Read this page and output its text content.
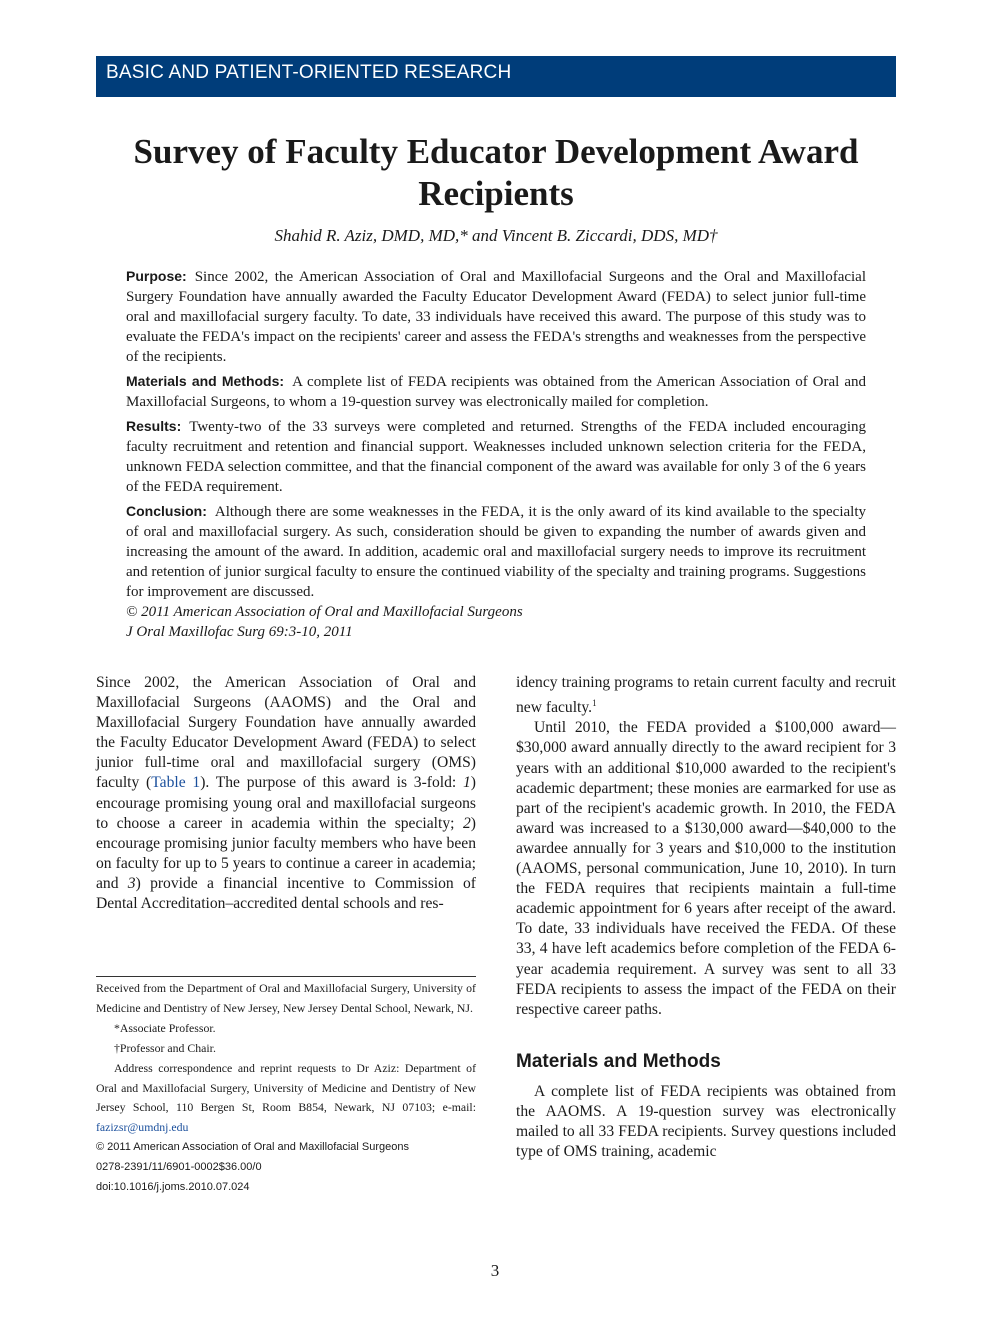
BASIC AND PATIENT-ORIENTED RESEARCH
Survey of Faculty Educator Development Award Recipients
Shahid R. Aziz, DMD, MD,* and Vincent B. Ziccardi, DDS, MD†

Purpose: Since 2002, the American Association of Oral and Maxillofacial Surgeons and the Oral and Maxillofacial Surgery Foundation have annually awarded the Faculty Educator Development Award (FEDA) to select junior full-time oral and maxillofacial surgery faculty. To date, 33 individuals have received this award. The purpose of this study was to evaluate the FEDA's impact on the recipients' career and assess the FEDA's strengths and weaknesses from the perspective of the recipients.

Materials and Methods: A complete list of FEDA recipients was obtained from the American Association of Oral and Maxillofacial Surgeons, to whom a 19-question survey was electronically mailed for completion.

Results: Twenty-two of the 33 surveys were completed and returned. Strengths of the FEDA included encouraging faculty recruitment and retention and financial support. Weaknesses included unknown selection criteria for the FEDA, unknown FEDA selection committee, and that the financial component of the award was available for only 3 of the 6 years of the FEDA requirement.

Conclusion: Although there are some weaknesses in the FEDA, it is the only award of its kind available to the specialty of oral and maxillofacial surgery. As such, consideration should be given to expanding the number of awards given and increasing the amount of the award. In addition, academic oral and maxillofacial surgery needs to improve its recruitment and retention of junior surgical faculty to ensure the continued viability of the specialty and training programs. Suggestions for improvement are discussed.

© 2011 American Association of Oral and Maxillofacial Surgeons

J Oral Maxillofac Surg 69:3-10, 2011

Since 2002, the American Association of Oral and Maxillofacial Surgeons (AAOMS) and the Oral and Maxillofacial Surgery Foundation have annually awarded the Faculty Educator Development Award (FEDA) to select junior full-time oral and maxillofacial surgery (OMS) faculty (Table 1). The purpose of this award is 3-fold: 1) encourage promising young oral and maxillofacial surgeons to choose a career in academia within the specialty; 2) encourage promising junior faculty members who have been on faculty for up to 5 years to continue a career in academia; and 3) provide a financial incentive to Commission of Dental Accreditation–accredited dental schools and res-

Received from the Department of Oral and Maxillofacial Surgery, University of Medicine and Dentistry of New Jersey, New Jersey Dental School, Newark, NJ.

*Associate Professor.

†Professor and Chair.

Address correspondence and reprint requests to Dr Aziz: Department of Oral and Maxillofacial Surgery, University of Medicine and Dentistry of New Jersey School, 110 Bergen St, Room B854, Newark, NJ 07103; e-mail: fazizsr@umdnj.edu

© 2011 American Association of Oral and Maxillofacial Surgeons

0278-2391/11/6901-0002$36.00/0

doi:10.1016/j.joms.2010.07.024

idency training programs to retain current faculty and recruit new faculty.$^1$

Until 2010, the FEDA provided a $100,000 award—$30,000 award annually directly to the award recipient for 3 years with an additional $10,000 awarded to the recipient's academic department; these monies are earmarked for use as part of the recipient's academic growth. In 2010, the FEDA award was increased to a $130,000 award—$40,000 to the awardee annually for 3 years and $10,000 to the institution (AAOMS, personal communication, June 10, 2010). In turn the FEDA requires that recipients maintain a full-time academic appointment for 6 years after receipt of the award. To date, 33 individuals have received the FEDA. Of these 33, 4 have left academics before completion of the FEDA 6-year academia requirement. A survey was sent to all 33 FEDA recipients to assess the impact of the FEDA on their respective career paths.

Materials and Methods

A complete list of FEDA recipients was obtained from the AAOMS. A 19-question survey was electronically mailed to all 33 FEDA recipients. Survey questions included type of OMS training, academic

3
